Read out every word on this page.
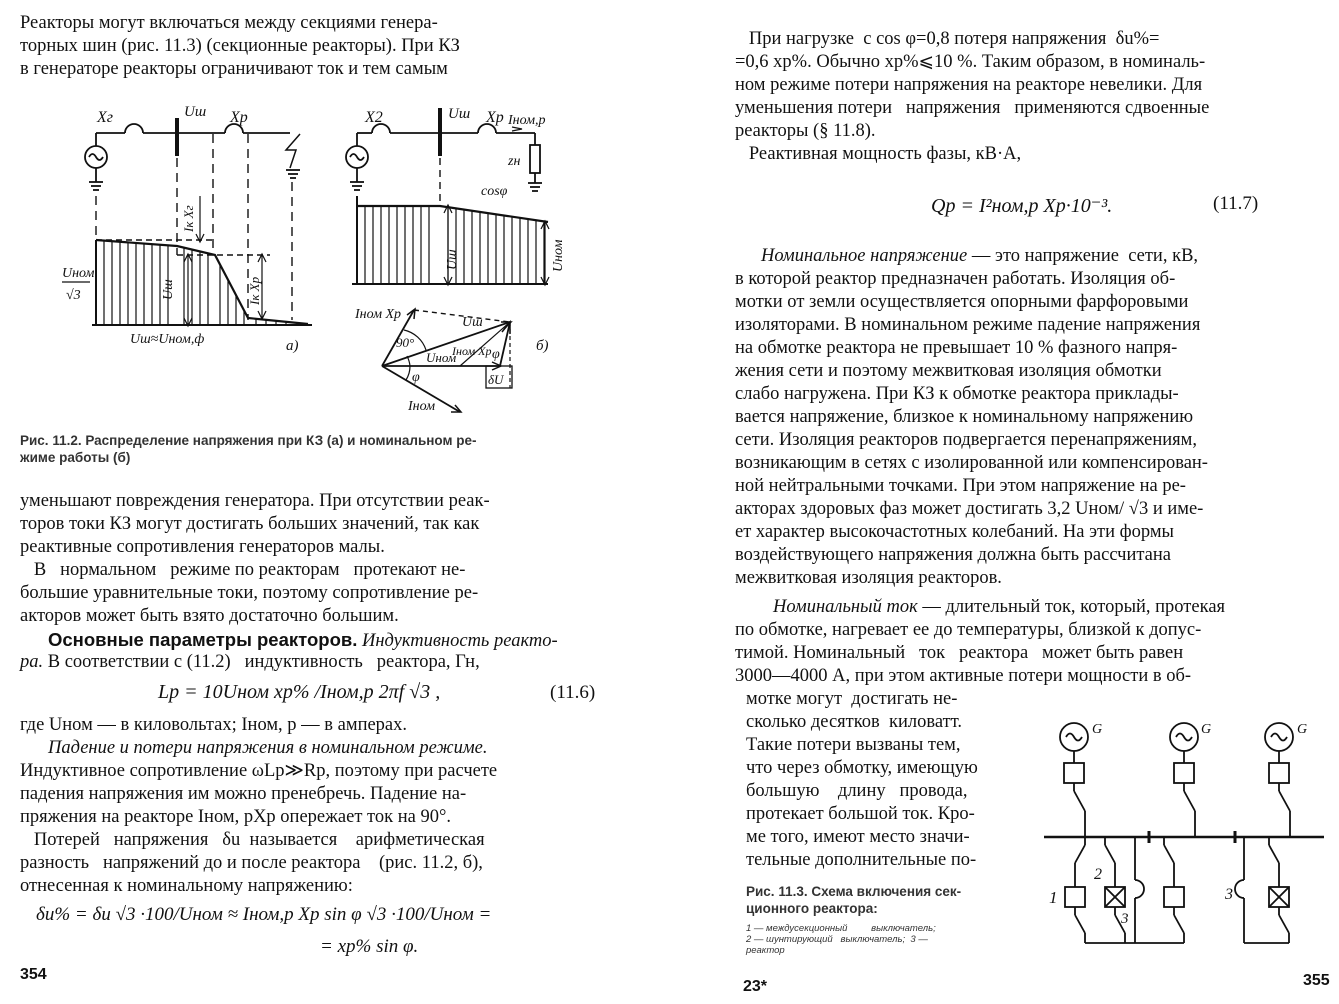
Реакторы могут включаться между секциями генера-

торных шин (рис. 11.3) (секционные реакторы). При КЗ

в генераторе реакторы ограничивают ток и тем самым

Xг	Uш Xр
Iк Xг
Iк Xр
Uш
Uном
√3
Uш≈Uном,ф	а)
X2	Uш Xр Iном,р
zн
cosφ
Uш	Uном
Iном Xр
Uш
90°
Uном
Iном Xр
φ
φ
δU
Iном
б)
Рис. 11.2. Распределение напряжения при КЗ (а) и номинальном ре-
жиме работы (б)

уменьшают повреждения генератора. При отсутствии реак-

торов токи КЗ могут достигать больших значений, так как

реактивные сопротивления генераторов малы.

В   нормальном   режиме по реакторам   протекают не-

большие уравнительные токи, поэтому сопротивление ре-

акторов может быть взято достаточно большим.

Основные параметры реакторов. Индуктивность реакто-

ра. В соответствии с (11.2)   индуктивность   реактора, Гн,

Lр = 10Uном xр% /Iном,р 2πf √3 ,	(11.6)

где Uном — в киловольтах; Iном, р — в амперах.

Падение и потери напряжения в номинальном режиме.

Индуктивное сопротивление ωLр≫Rр, поэтому при расчете

падения напряжения им можно пренебречь. Падение на-

пряжения на реакторе Iном, рXр опережает ток на 90°.

Потерей   напряжения   δu  называется    арифметическая

разность   напряжений до и после реактора    (рис. 11.2, б),

отнесенная к номинальному напряжению:

δu% = δu √3 ·100/Uном ≈ Iном,р Xр sin φ √3 ·100/Uном =
= xр% sin φ.
354

При нагрузке  с cos φ=0,8 потеря напряжения  δu%=

=0,6 xр%. Обычно xр%⩽10 %. Таким образом, в номиналь-

ном режиме потери напряжения на реакторе невелики. Для

уменьшения потери   напряжения   применяются сдвоенные

реакторы (§ 11.8).

Реактивная мощность фазы, кВ·А,

Qр = I²ном,р Xр·10⁻³.	(11.7)

Номинальное напряжение — это напряжение  сети, кВ,

в которой реактор предназначен работать. Изоляция об-

мотки от земли осуществляется опорными фарфоровыми

изоляторами. В номинальном режиме падение напряжения

на обмотке реактора не превышает 10 % фазного напря-

жения сети и поэтому межвитковая изоляция обмотки

слабо нагружена. При КЗ к обмотке реактора приклады-

вается напряжение, близкое к номинальному напряжению

сети. Изоляция реакторов подвергается перенапряжениям,

возникающим в сетях с изолированной или компенсирован-

ной нейтральными точками. При этом напряжение на ре-

акторах здоровых фаз может достигать 3,2 Uном/ √3 и име-

ет характер высокочастотных колебаний. На эти формы

воздействующего напряжения должна быть рассчитана

межвитковая изоляция реакторов.

Номинальный ток — длительный ток, который, протекая

по обмотке, нагревает ее до температуры, близкой к допус-

тимой. Номинальный   ток   реактора   может быть равен

3000—4000 А, при этом активные потери мощности в об-

мотке могут  достигать не-

сколько десятков  киловатт.

Такие потери вызваны тем,

что через обмотку, имеющую

большую    длину   провода,

протекает большой ток. Кро-

ме того, имеют место значи-

тельные дополнительные по-

G	G	G
1
2
3
3
Рис. 11.3. Схема включения сек-
ционного реактора:
1 — междусекционный         выключатель;
2 — шунтирующий   выключатель;  3 —
реактор
23*	355
